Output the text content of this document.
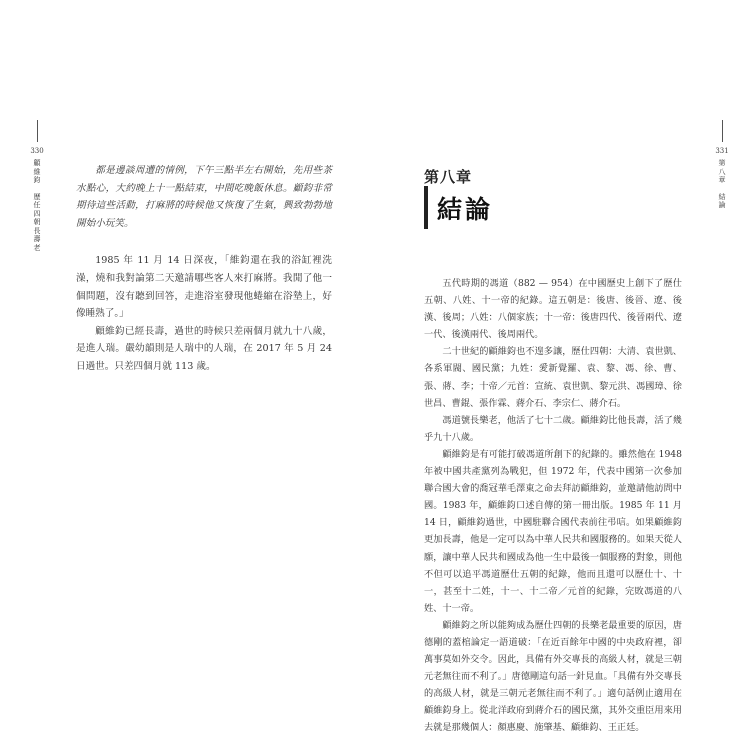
330
顧維鈞
歷任四朝長壽老

都是邊談周遭的情例，下午三點半左右開始，先用些茶水點心，大約晚上十一點結束，中間吃晚飯休息。顧鈞非常期待這些活動，打麻將的時候他又恢復了生氣，興致勃勃地開始小玩笑。

1985 年 11 月 14 日深夜，「維鈞還在我的浴缸裡洗澡，燒和我對論第二天邀請哪些客人來打麻將。我閒了他一個問題，沒有聽到回答，走進浴室發現他蜷縮在浴墊上，好像睡熟了。」

顧維鈞已經長壽，過世的時候只差兩個月就九十八歲，是進人瑞。嚴幼韻則是人瑞中的人瑞，在 2017 年 5 月 24 日過世。只差四個月就 113 歲。

331
第八章
結論
第八章
結論

五代時期的馮道（882 — 954）在中國歷史上創下了歷仕五朝、八姓、十一帝的紀錄。這五朝是：後唐、後晉、遼、後漢、後周；八姓：八個家族；十一帝：後唐四代、後晉兩代、遼一代、後漢兩代、後周兩代。

二十世紀的顧維鈞也不遑多讓，歷仕四朝：大清、袁世凱、各系軍閥、國民黨；九姓：愛新覺羅、袁、黎、馮、徐、曹、張、蔣、李；十帝／元首：宣統、袁世凱、黎元洪、馮國璋、徐世昌、曹錕、張作霖、蔣介石、李宗仁、蔣介石。

馮道號長樂老，他活了七十二歲。顧維鈞比他長壽，活了幾乎九十八歲。

顧維鈞是有可能打破馮道所創下的紀錄的。雖然他在 1948 年被中國共產黨列為戰犯，但 1972 年，代表中國第一次參加聯合國大會的喬冠華毛澤東之命去拜訪顧維鈞，並邀請他訪問中國。1983 年，顧維鈞口述自傳的第一冊出版。1985 年 11 月 14 日，顧維鈞過世，中國駐聯合國代表前往弔唁。如果顧維鈞更加長壽，他是一定可以為中華人民共和國服務的。如果天從人願，讓中華人民共和國成為他一生中最後一個服務的對象，則他不但可以追平馮道歷仕五朝的紀錄，他而且還可以歷仕十、十一，甚至十二姓，十一、十二帝／元首的紀錄，完敗馮道的八姓、十一帝。

顧維鈞之所以能夠成為歷仕四朝的長樂老最重要的原因，唐德剛的蓋棺論定一語道破：「在近百餘年中國的中央政府裡，卻萬事莫如外交令。因此，具備有外交專長的高級人材，就是三朝元老無往而不利了。」唐德剛這句話一針見血。「具備有外交專長的高級人材，就是三朝元老無往而不利了。」適句話例止適用在顧維鈞身上。從北洋政府到蔣介石的國民黨，其外交重臣用來用去就是那幾個人：顏惠慶、施肇基、顧維鈞、王正廷。
